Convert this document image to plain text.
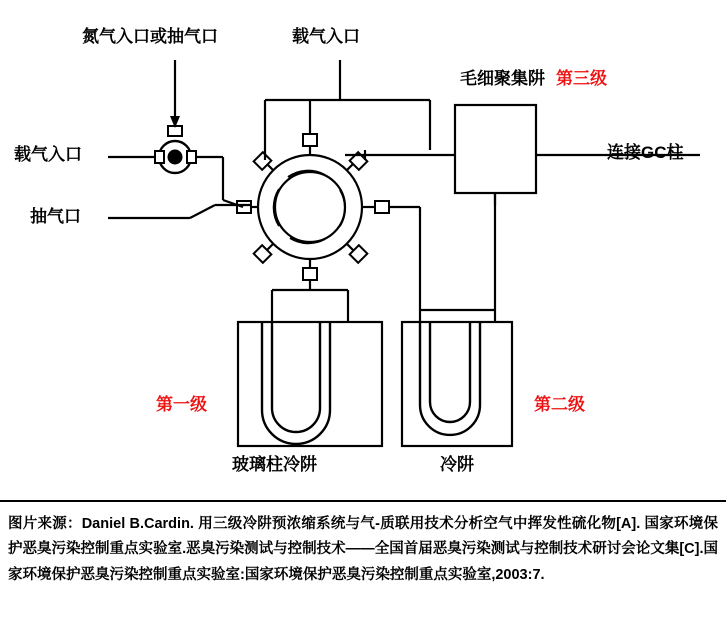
氮气入口或抽气口	载气入口
载气入口
抽气口
毛细聚集阱 第三级
连接GC柱
第一级	第二级
玻璃柱冷阱	冷阱
图片来源：Daniel B.Cardin. 用三级冷阱预浓缩系统与气-质联用技术分析空气中挥发性硫化物[A]. 国家环境保护恶臭污染控制重点实验室.恶臭污染测试与控制技术——全国首届恶臭污染测试与控制技术研讨会论文集[C].国家环境保护恶臭污染控制重点实验室:国家环境保护恶臭污染控制重点实验室,2003:7.
